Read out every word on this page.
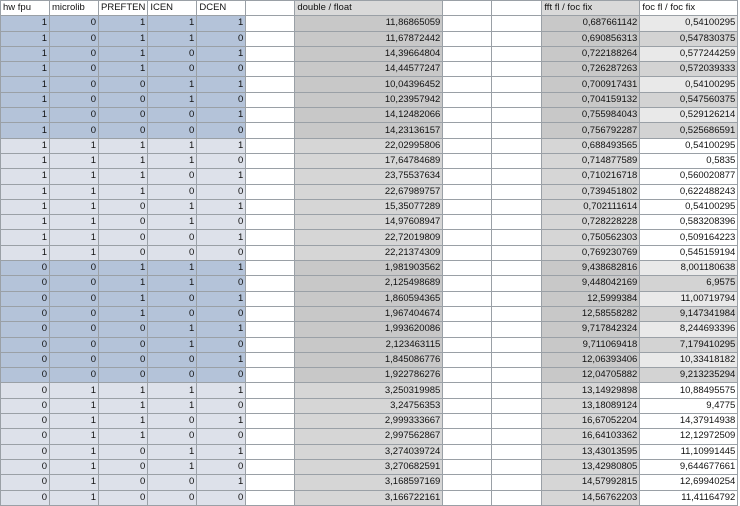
hw fpu	microlib	PREFTEN	ICEN	DCEN		double / float			fft fl / foc fix	foc fl / foc fix
1	0	1	1	1		11,86865059			0,687661142	0,54100295
1	0	1	1	0		11,67872442			0,690856313	0,547830375
1	0	1	0	1		14,39664804			0,722188264	0,577244259
1	0	1	0	0		14,44577247			0,726287263	0,572039333
1	0	0	1	1		10,04396452			0,700917431	0,54100295
1	0	0	1	0		10,23957942			0,704159132	0,547560375
1	0	0	0	1		14,12482066			0,755984043	0,529126214
1	0	0	0	0		14,23136157			0,756792287	0,525686591
1	1	1	1	1		22,02995806			0,688493565	0,54100295
1	1	1	1	0		17,64784689			0,714877589	0,5835
1	1	1	0	1		23,75537634			0,710216718	0,560020877
1	1	1	0	0		22,67989757			0,739451802	0,622488243
1	1	0	1	1		15,35077289			0,702111614	0,54100295
1	1	0	1	0		14,97608947			0,728228228	0,583208396
1	1	0	0	1		22,72019809			0,750562303	0,509164223
1	1	0	0	0		22,21374309			0,769230769	0,545159194
0	0	1	1	1		1,981903562			9,438682816	8,001180638
0	0	1	1	0		2,125498689			9,448042169	6,9575
0	0	1	0	1		1,860594365			12,5999384	11,00719794
0	0	1	0	0		1,967404674			12,58558282	9,147341984
0	0	0	1	1		1,993620086			9,717842324	8,244693396
0	0	0	1	0		2,123463115			9,711069418	7,179410295
0	0	0	0	1		1,845086776			12,06393406	10,33418182
0	0	0	0	0		1,922786276			12,04705882	9,213235294
0	1	1	1	1		3,250319985			13,14929898	10,88495575
0	1	1	1	0		3,24756353			13,18089124	9,4775
0	1	1	0	1		2,999333667			16,67052204	14,37914938
0	1	1	0	0		2,997562867			16,64103362	12,12972509
0	1	0	1	1		3,274039724			13,43013595	11,10991445
0	1	0	1	0		3,270682591			13,42980805	9,644677661
0	1	0	0	1		3,168597169			14,57992815	12,69940254
0	1	0	0	0		3,166722161			14,56762203	11,41164792
